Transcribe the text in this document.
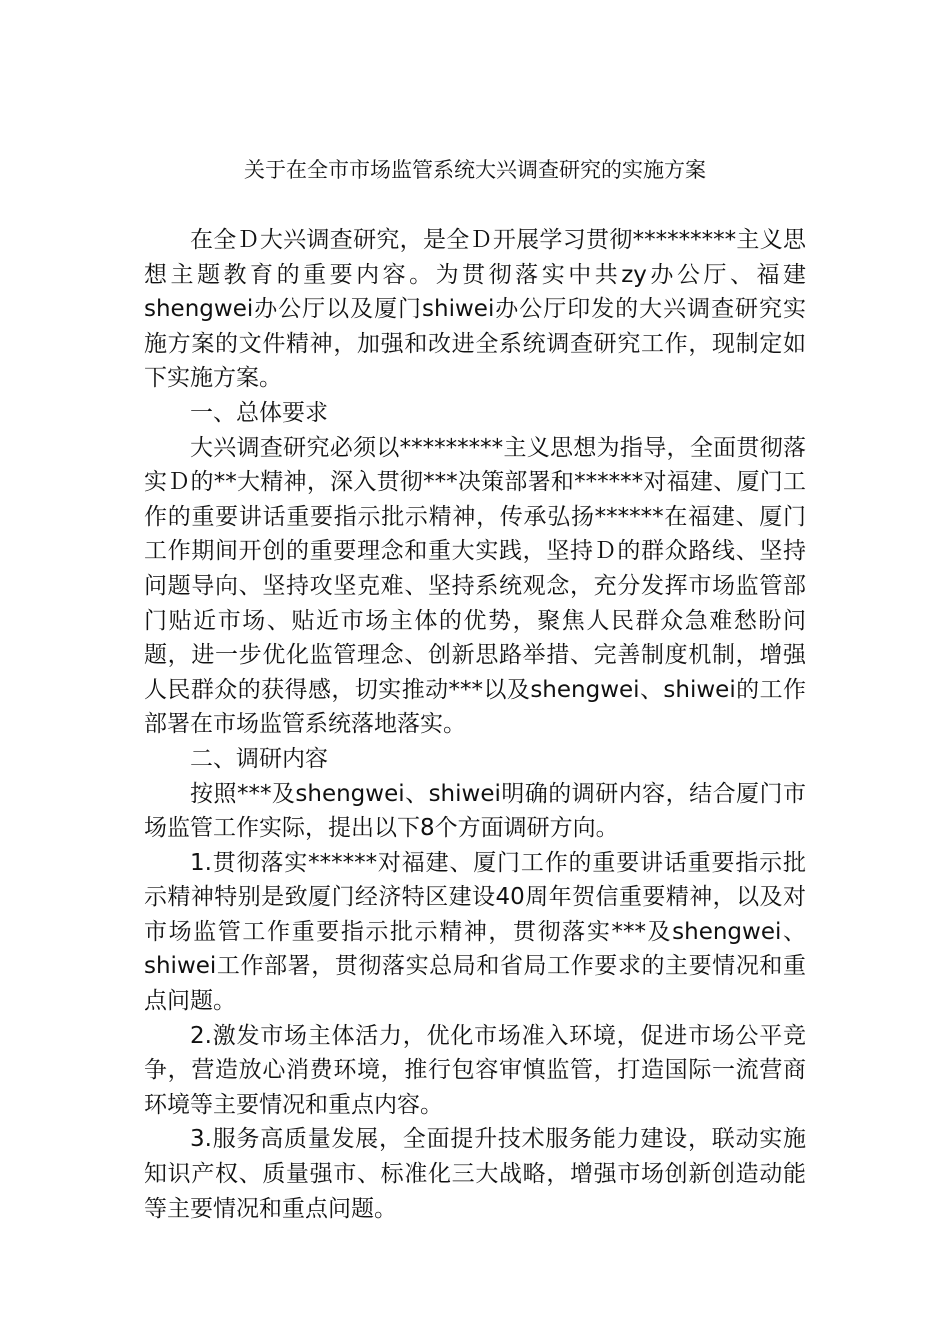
关于在全市市场监管系统大兴调查研究的实施方案

在全Ｄ大兴调查研究，是全Ｄ开展学习贯彻*********主义思想主题教育的重要内容。为贯彻落实中共zy办公厅、福建shengwei办公厅以及厦门shiwei办公厅印发的大兴调查研究实施方案的文件精神，加强和改进全系统调查研究工作，现制定如下实施方案。

一、总体要求

大兴调查研究必须以*********主义思想为指导，全面贯彻落实Ｄ的**大精神，深入贯彻***决策部署和******对福建、厦门工作的重要讲话重要指示批示精神，传承弘扬******在福建、厦门工作期间开创的重要理念和重大实践，坚持Ｄ的群众路线、坚持问题导向、坚持攻坚克难、坚持系统观念，充分发挥市场监管部门贴近市场、贴近市场主体的优势，聚焦人民群众急难愁盼问题，进一步优化监管理念、创新思路举措、完善制度机制，增强人民群众的获得感，切实推动***以及shengwei、shiwei的工作部署在市场监管系统落地落实。

二、调研内容

按照***及shengwei、shiwei明确的调研内容，结合厦门市场监管工作实际，提出以下8个方面调研方向。

1.贯彻落实******对福建、厦门工作的重要讲话重要指示批示精神特别是致厦门经济特区建设40周年贺信重要精神，以及对市场监管工作重要指示批示精神，贯彻落实***及shengwei、shiwei工作部署，贯彻落实总局和省局工作要求的主要情况和重点问题。

2.激发市场主体活力，优化市场准入环境，促进市场公平竞争，营造放心消费环境，推行包容审慎监管，打造国际一流营商环境等主要情况和重点内容。

3.服务高质量发展，全面提升技术服务能力建设，联动实施知识产权、质量强市、标准化三大战略，增强市场创新创造动能等主要情况和重点问题。
